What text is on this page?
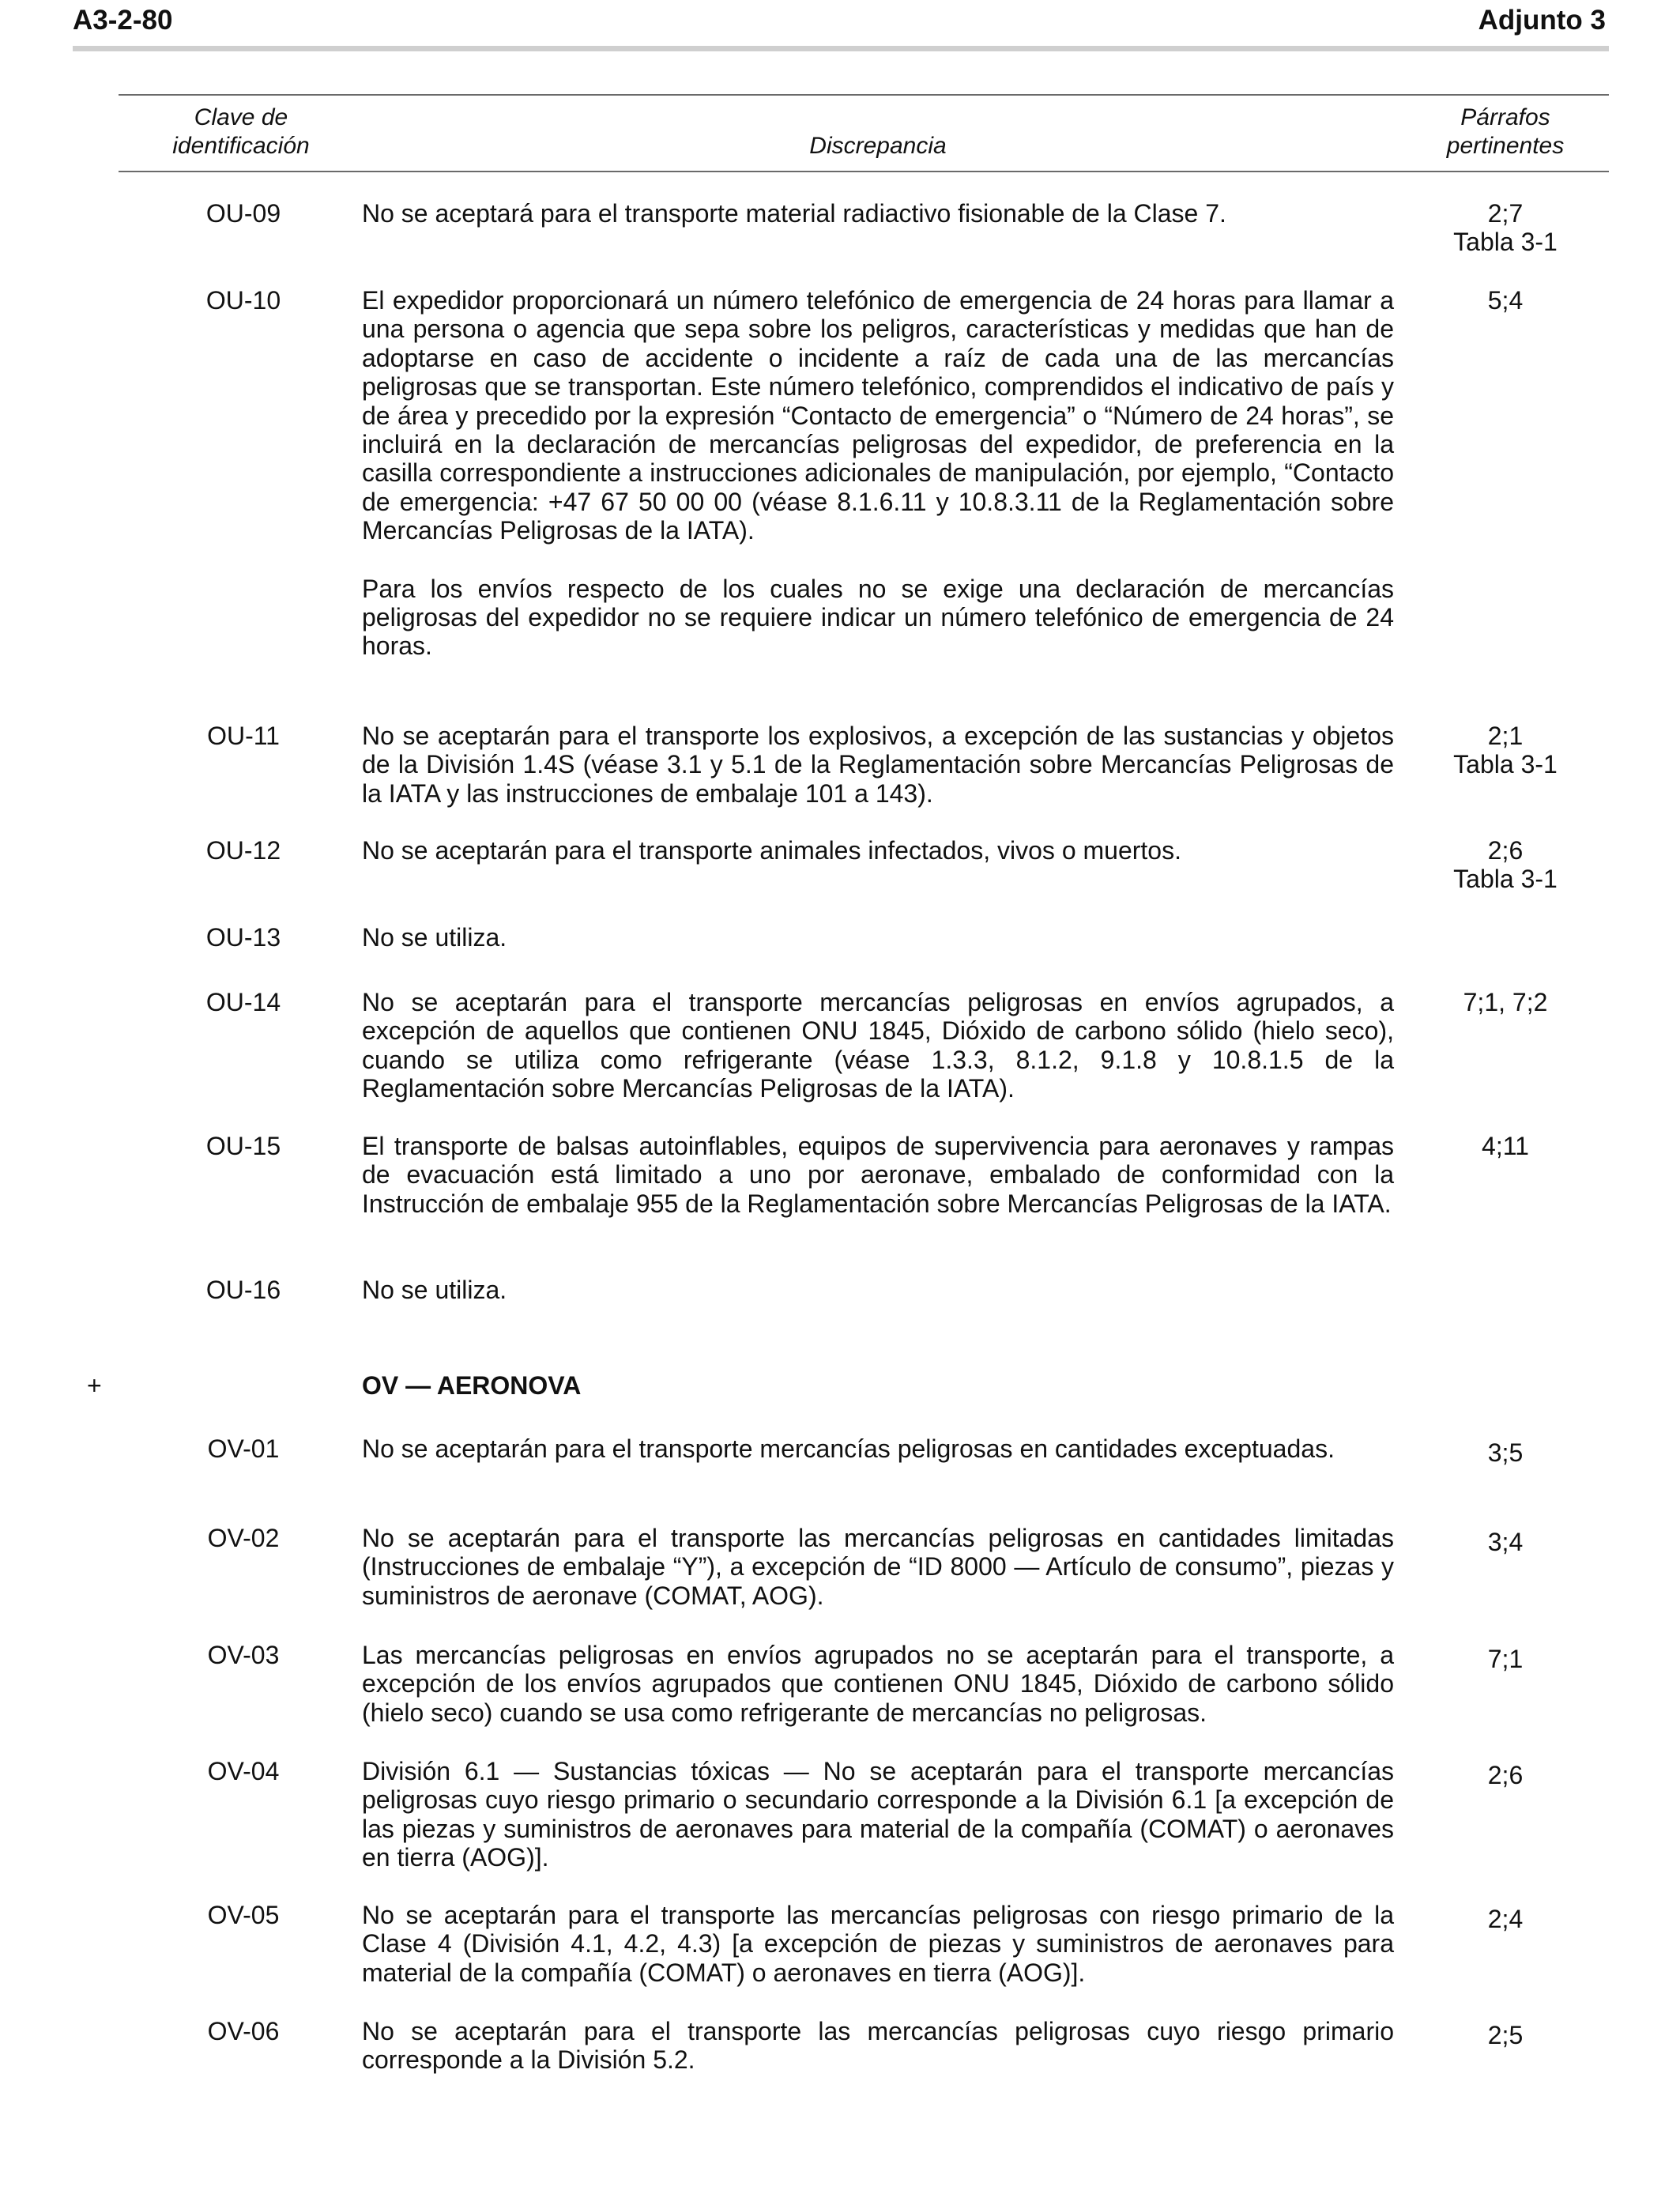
A3-2-80	Adjunto 3
Clave de
identificación	Discrepancia
Párrafos
pertinentes
OU-09	No se aceptará para el transporte material radiactivo fisionable de la Clase 7.	2;7
Tabla 3-1
OU-10	El expedidor proporcionará un número telefónico de emergencia de 24 horas para llamar a una persona o agencia que sepa sobre los peligros, características y medidas que han de adoptarse en caso de accidente o incidente a raíz de cada una de las mercancías peligrosas que se transportan. Este número telefónico, comprendidos el indicativo de país y de área y precedido por la expresión “Contacto de emergencia” o “Número de 24 horas”, se incluirá en la declaración de mercancías peligrosas del expedidor, de preferencia en la casilla correspondiente a instrucciones adicionales de manipulación, por ejemplo, “Contacto de emergencia: +47 67 50 00 00 (véase 8.1.6.11 y 10.8.3.11 de la Reglamentación sobre Mercancías Peligrosas de la IATA).

Para los envíos respecto de los cuales no se exige una declaración de mercancías peligrosas del expedidor no se requiere indicar un número telefónico de emergencia de 24 horas.

5;4
OU-11	No se aceptarán para el transporte los explosivos, a excepción de las sustancias y objetos de la División 1.4S (véase 3.1 y 5.1 de la Reglamentación sobre Mercancías Peligrosas de la IATA y las instrucciones de embalaje 101 a 143).

2;1
Tabla 3-1
OU-12	No se aceptarán para el transporte animales infectados, vivos o muertos.	2;6
Tabla 3-1
OU-13	No se utiliza.

OU-14	No se aceptarán para el transporte mercancías peligrosas en envíos agrupados, a excepción de aquellos que contienen ONU 1845, Dióxido de carbono sólido (hielo seco), cuando se utiliza como refrigerante (véase 1.3.3, 8.1.2, 9.1.8 y 10.8.1.5 de la Reglamentación sobre Mercancías Peligrosas de la IATA).

7;1, 7;2
OU-15	El transporte de balsas autoinflables, equipos de supervivencia para aeronaves y rampas de evacuación está limitado a uno por aeronave, embalado de conformidad con la Instrucción de embalaje 955 de la Reglamentación sobre Mercancías Peligrosas de la IATA.

4;11
OU-16	No se utiliza.

+	OV — AERONOVA
OV-01	No se aceptarán para el transporte mercancías peligrosas en cantidades exceptuadas.	3;5
OV-02	No se aceptarán para el transporte las mercancías peligrosas en cantidades limitadas (Instrucciones de embalaje “Y”), a excepción de “ID 8000 — Artículo de consumo”, piezas y suministros de aeronave (COMAT, AOG).

3;4
OV-03	Las mercancías peligrosas en envíos agrupados no se aceptarán para el transporte, a excepción de los envíos agrupados que contienen ONU 1845, Dióxido de carbono sólido (hielo seco) cuando se usa como refrigerante de mercancías no peligrosas.

7;1
OV-04	División 6.1 — Sustancias tóxicas — No se aceptarán para el transporte mercancías peligrosas cuyo riesgo primario o secundario corresponde a la División 6.1 [a excepción de las piezas y suministros de aeronaves para material de la compañía (COMAT) o aeronaves en tierra (AOG)].

2;6
OV-05	No se aceptarán para el transporte las mercancías peligrosas con riesgo primario de la Clase 4 (División 4.1, 4.2, 4.3) [a excepción de piezas y suministros de aeronaves para material de la compañía (COMAT) o aeronaves en tierra (AOG)].

2;4
OV-06	No se aceptarán para el transporte las mercancías peligrosas cuyo riesgo primario corresponde a la División 5.2.

2;5
